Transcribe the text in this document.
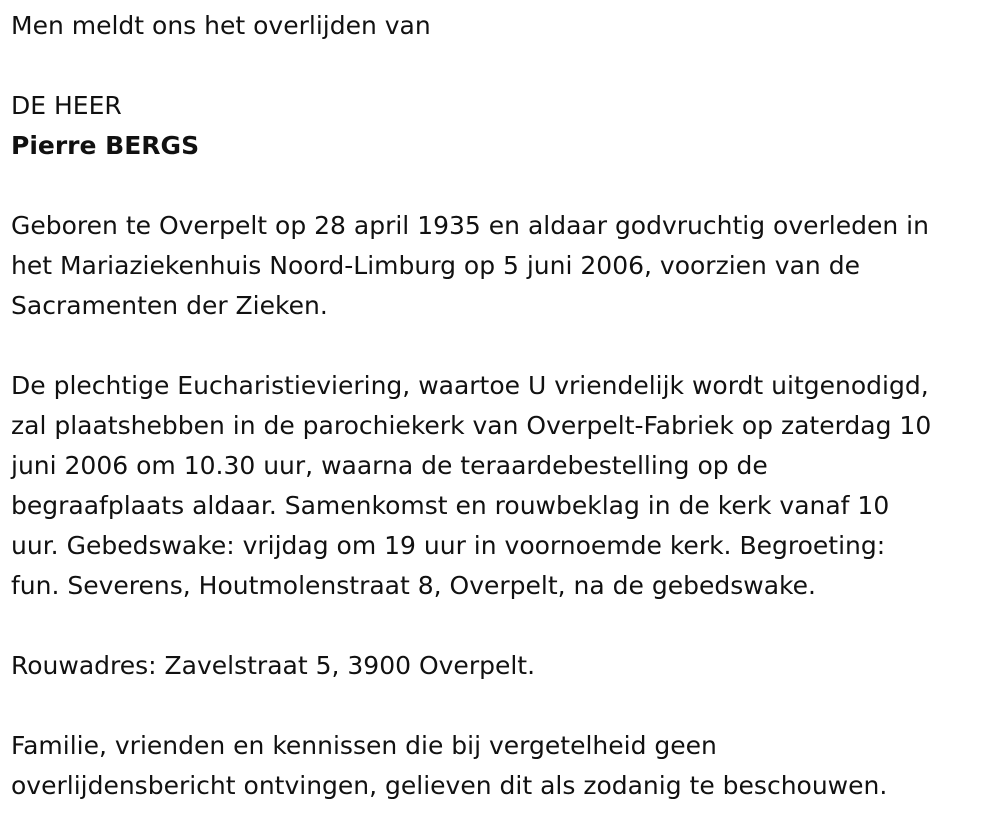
Men meldt ons het overlijden van
DE HEER
Pierre BERGS
Geboren te Overpelt op 28 april 1935 en aldaar godvruchtig overleden in
het Mariaziekenhuis Noord-Limburg op 5 juni 2006, voorzien van de
Sacramenten der Zieken.
De plechtige Eucharistieviering, waartoe U vriendelijk wordt uitgenodigd,
zal plaatshebben in de parochiekerk van Overpelt-Fabriek op zaterdag 10
juni 2006 om 10.30 uur, waarna de teraardebestelling op de
begraafplaats aldaar. Samenkomst en rouwbeklag in de kerk vanaf 10
uur. Gebedswake: vrijdag om 19 uur in voornoemde kerk. Begroeting:
fun. Severens, Houtmolenstraat 8, Overpelt, na de gebedswake.
Rouwadres: Zavelstraat 5, 3900 Overpelt.
Familie, vrienden en kennissen die bij vergetelheid geen
overlijdensbericht ontvingen, gelieven dit als zodanig te beschouwen.
